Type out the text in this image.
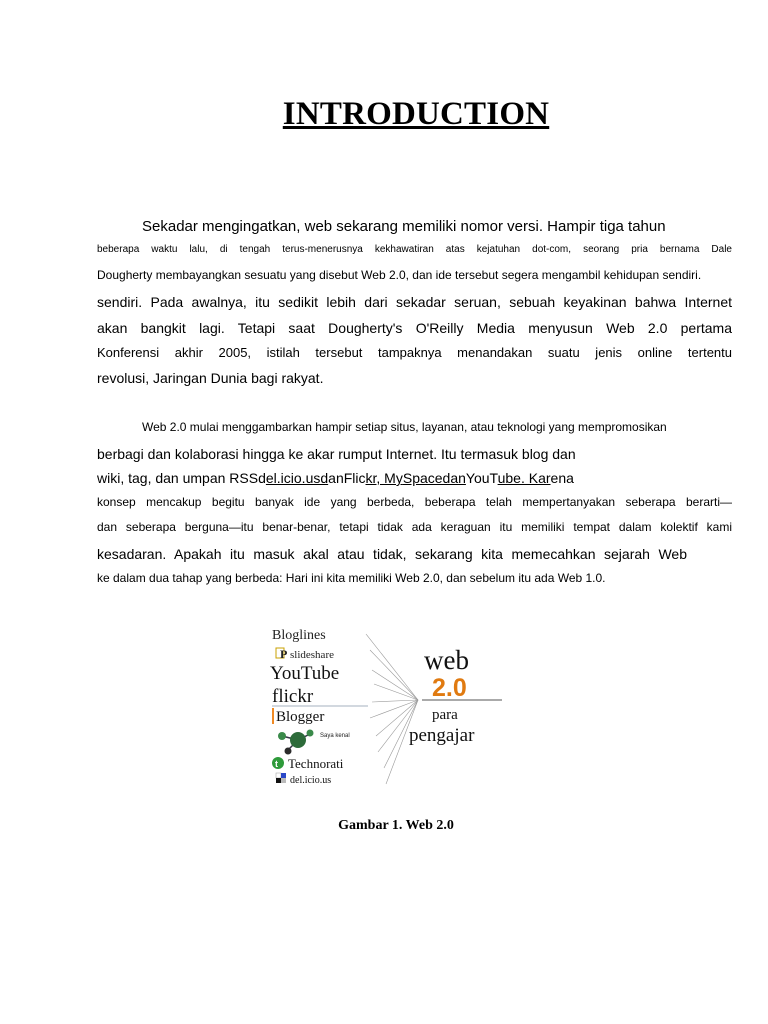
INTRODUCTION
Sekadar mengingatkan, web sekarang memiliki nomor versi. Hampir tiga tahun
beberapa waktu lalu, di tengah terus-menerusnya kekhawatiran atas kejatuhan dot-com, seorang pria bernama Dale
Dougherty membayangkan sesuatu yang disebut Web 2.0, dan ide tersebut segera mengambil kehidupan sendiri.
sendiri. Pada awalnya, itu sedikit lebih dari sekadar seruan, sebuah keyakinan bahwa Internet
akan bangkit lagi. Tetapi saat Dougherty's O'Reilly Media menyusun Web 2.0 pertama
Konferensi akhir 2005, istilah tersebut tampaknya menandakan suatu jenis online tertentu
revolusi, Jaringan Dunia bagi rakyat.
Web 2.0 mulai menggambarkan hampir setiap situs, layanan, atau teknologi yang mempromosikan
berbagi dan kolaborasi hingga ke akar rumput Internet. Itu termasuk blog dan
wiki, tag, dan umpan RSSdel.icio.usdanFlickr, MySpacedanYouTube. Karena
konsep mencakup begitu banyak ide yang berbeda, beberapa telah mempertanyakan seberapa berarti—
dan seberapa berguna—itu benar-benar, tetapi tidak ada keraguan itu memiliki tempat dalam kolektif kami
kesadaran. Apakah itu masuk akal atau tidak, sekarang kita memecahkan sejarah Web
ke dalam dua tahap yang berbeda: Hari ini kita memiliki Web 2.0, dan sebelum itu ada Web 1.0.
Bloglines
P slideshare
YouTube
flickr
Blogger
Saya kenal
t Technorati
del.icio.us
web
2.0
para
pengajar
Gambar 1. Web 2.0
